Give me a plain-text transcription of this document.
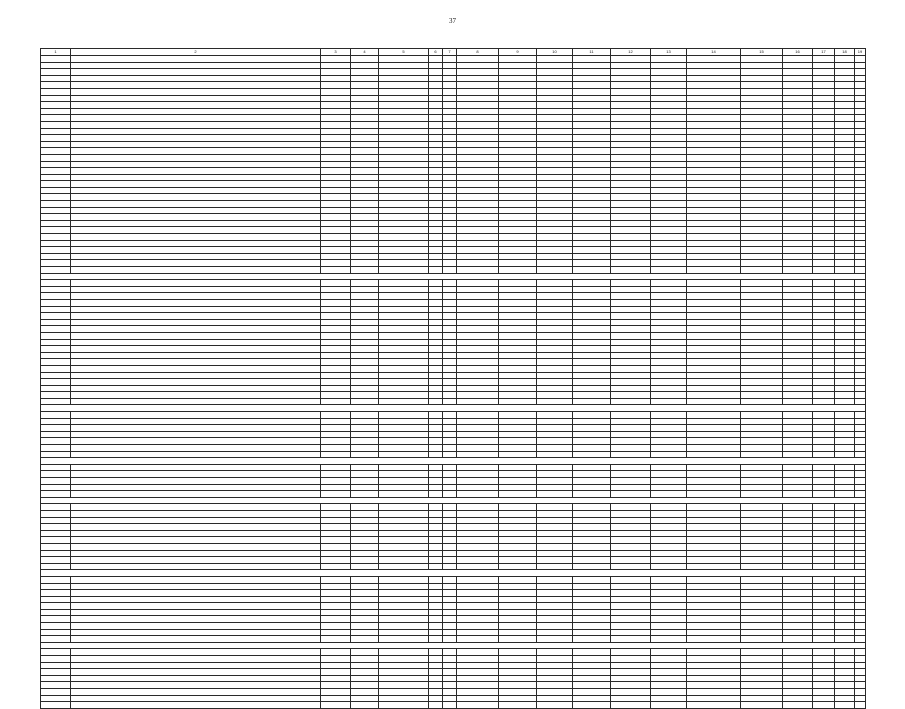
37
1	2	3	4	5	6	7	8	9	10	11	12	13	14	15	16	17	18	19
